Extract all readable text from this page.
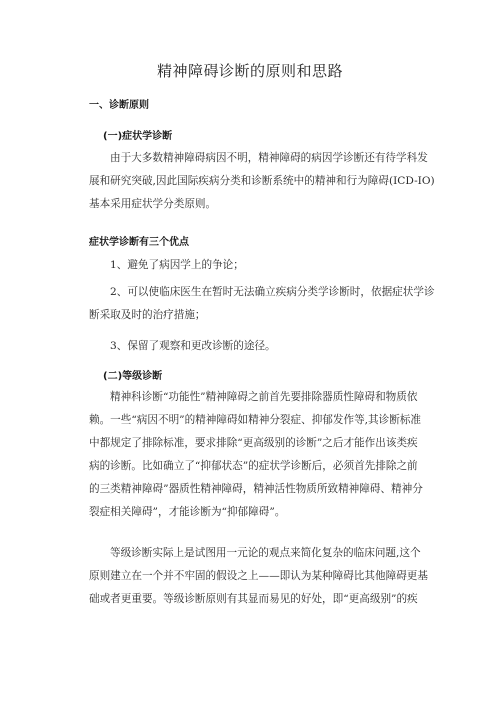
精神障碍诊断的原则和思路
一、诊断原则
(一)症状学诊断
由于大多数精神障碍病因不明，精神障碍的病因学诊断还有待学科发
展和研究突破,因此国际疾病分类和诊断系统中的精神和行为障碍(ICD-IO)
基本采用症状学分类原则。
症状学诊断有三个优点
1、避免了病因学上的争论；
2、可以使临床医生在暂时无法确立疾病分类学诊断时，依据症状学诊
断采取及时的治疗措施；
3、保留了观察和更改诊断的途径。
(二)等级诊断
精神科诊断“功能性”精神障碍之前首先要排除器质性障碍和物质依
赖。一些“病因不明”的精神障碍如精神分裂症、抑郁发作等,其诊断标准
中都规定了排除标准，要求排除“更高级别的诊断”之后才能作出该类疾
病的诊断。比如确立了“抑郁状态”的症状学诊断后，必须首先排除之前
的三类精神障碍”器质性精神障碍，精神活性物质所致精神障碍、精神分
裂症相关障碍”，才能诊断为“抑郁障碍”。
等级诊断实际上是试图用一元论的观点来简化复杂的临床问题,这个
原则建立在一个并不牢固的假设之上——即认为某种障碍比其他障碍更基
础或者更重要。等级诊断原则有其显而易见的好处，即“更高级别”的疾
